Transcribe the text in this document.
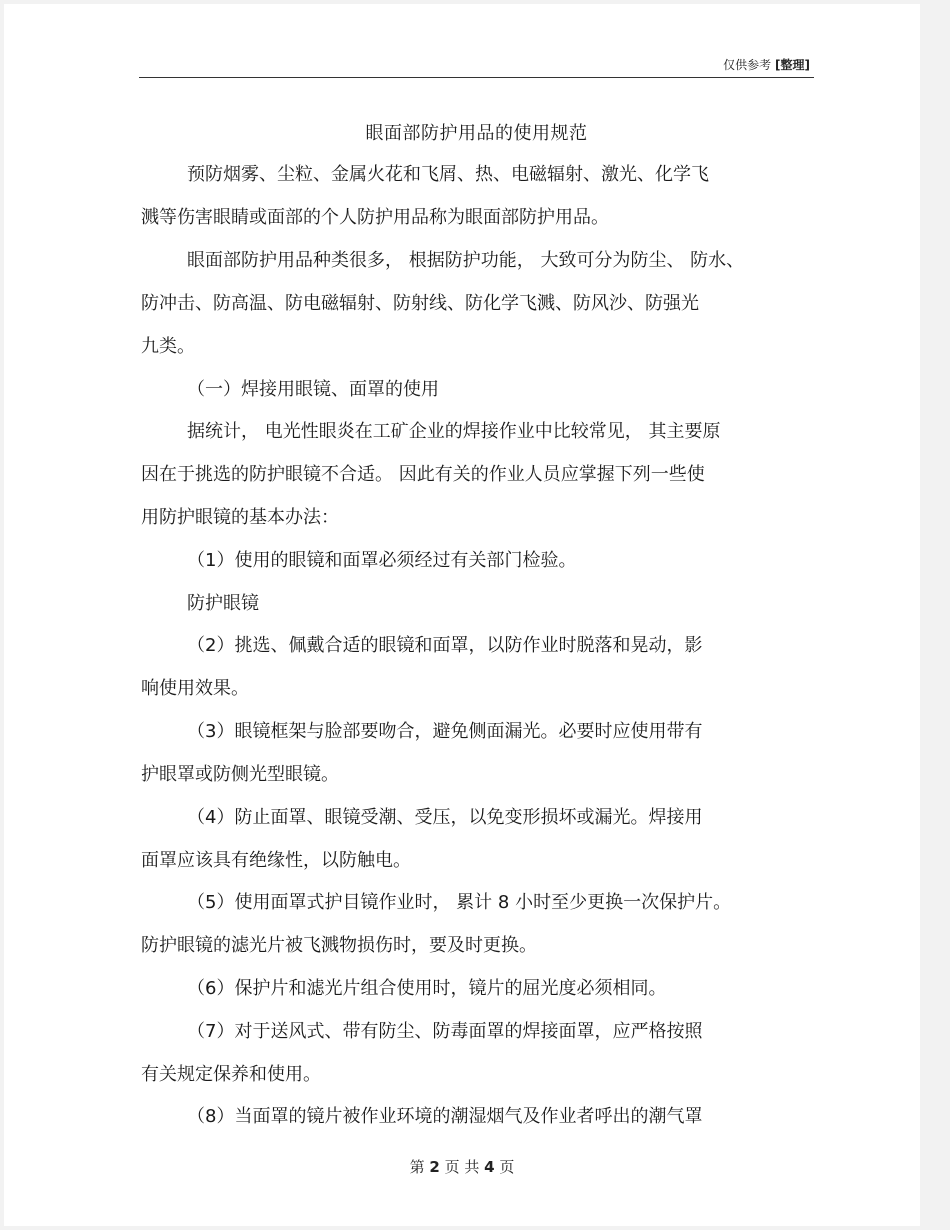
仅供参考 [整理]
眼面部防护用品的使用规范
预防烟雾、尘粒、金属火花和飞屑、热、电磁辐射、激光、化学飞
溅等伤害眼睛或面部的个人防护用品称为眼面部防护用品。
眼面部防护用品种类很多， 根据防护功能， 大致可分为防尘、 防水、
防冲击、防高温、防电磁辐射、防射线、防化学飞溅、防风沙、防强光
九类。
（一）焊接用眼镜、面罩的使用
据统计， 电光性眼炎在工矿企业的焊接作业中比较常见， 其主要原
因在于挑选的防护眼镜不合适。 因此有关的作业人员应掌握下列一些使
用防护眼镜的基本办法：
（1）使用的眼镜和面罩必须经过有关部门检验。
防护眼镜
（2）挑选、佩戴合适的眼镜和面罩，以防作业时脱落和晃动，影
响使用效果。
（3）眼镜框架与脸部要吻合，避免侧面漏光。必要时应使用带有
护眼罩或防侧光型眼镜。
（4）防止面罩、眼镜受潮、受压，以免变形损坏或漏光。焊接用
面罩应该具有绝缘性，以防触电。
（5）使用面罩式护目镜作业时， 累计 8 小时至少更换一次保护片。
防护眼镜的滤光片被飞溅物损伤时，要及时更换。
（6）保护片和滤光片组合使用时，镜片的屈光度必须相同。
（7）对于送风式、带有防尘、防毒面罩的焊接面罩，应严格按照
有关规定保养和使用。
（8）当面罩的镜片被作业环境的潮湿烟气及作业者呼出的潮气罩
第 2 页 共 4 页
